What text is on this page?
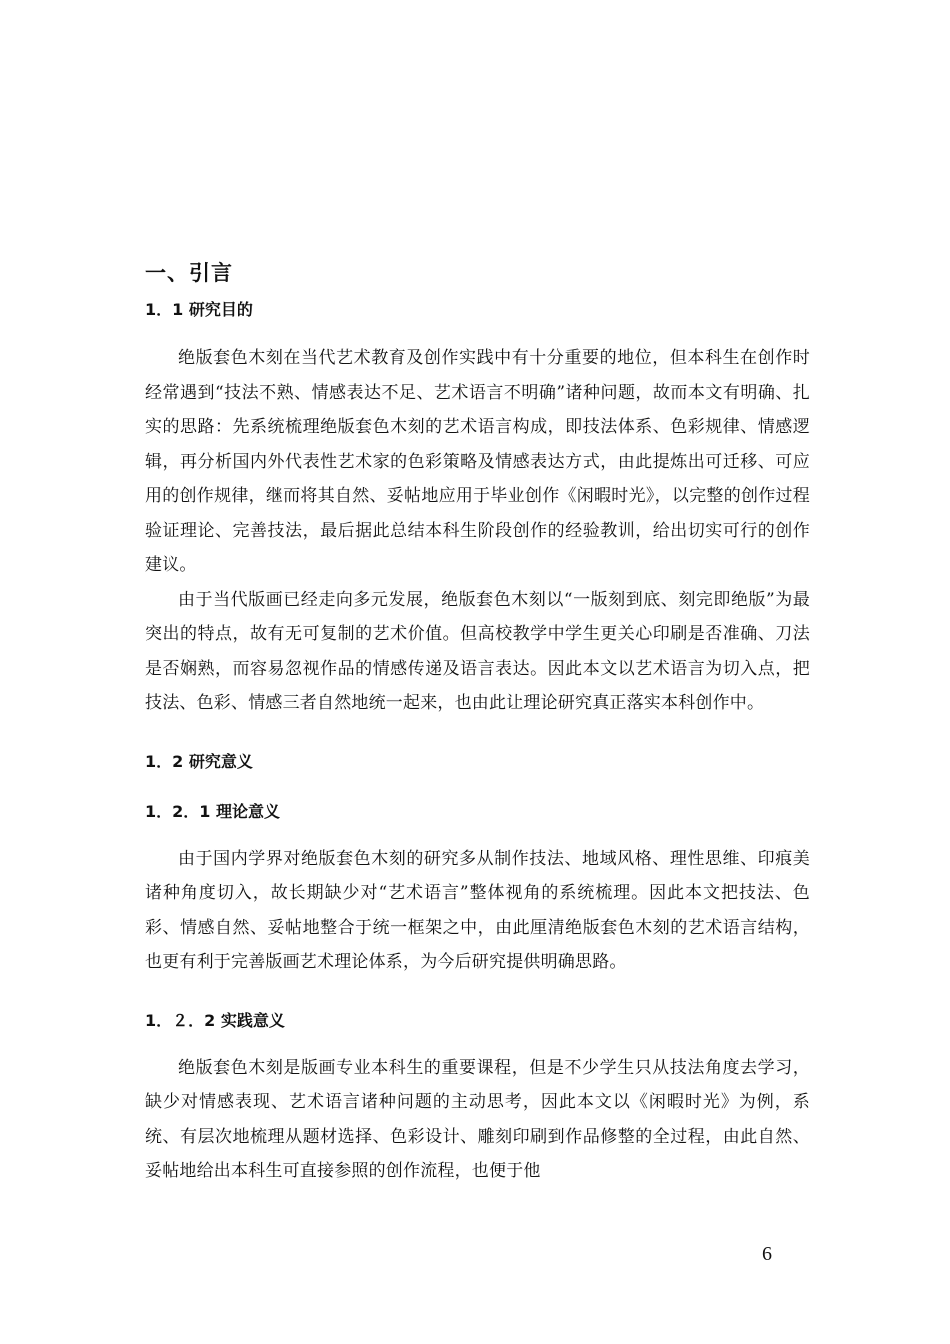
一、引言
1．1 研究目的

绝版套色木刻在当代艺术教育及创作实践中有十分重要的地位，但本科生在创作时经常遇到“技法不熟、情感表达不足、艺术语言不明确”诸种问题，故而本文有明确、扎实的思路：先系统梳理绝版套色木刻的艺术语言构成，即技法体系、色彩规律、情感逻辑，再分析国内外代表性艺术家的色彩策略及情感表达方式，由此提炼出可迁移、可应用的创作规律，继而将其自然、妥帖地应用于毕业创作《闲暇时光》，以完整的创作过程验证理论、完善技法，最后据此总结本科生阶段创作的经验教训，给出切实可行的创作建议。

由于当代版画已经走向多元发展，绝版套色木刻以“一版刻到底、刻完即绝版”为最突出的特点，故有无可复制的艺术价值。但高校教学中学生更关心印刷是否准确、刀法是否娴熟，而容易忽视作品的情感传递及语言表达。因此本文以艺术语言为切入点，把技法、色彩、情感三者自然地统一起来，也由此让理论研究真正落实本科创作中。

1．2 研究意义
1．2．1 理论意义

由于国内学界对绝版套色木刻的研究多从制作技法、地域风格、理性思维、印痕美诸种角度切入，故长期缺少对“艺术语言”整体视角的系统梳理。因此本文把技法、色彩、情感自然、妥帖地整合于统一框架之中，由此厘清绝版套色木刻的艺术语言结构，也更有利于完善版画艺术理论体系，为今后研究提供明确思路。

1．２．2 实践意义

绝版套色木刻是版画专业本科生的重要课程，但是不少学生只从技法角度去学习，缺少对情感表现、艺术语言诸种问题的主动思考，因此本文以《闲暇时光》为例，系统、有层次地梳理从题材选择、色彩设计、雕刻印刷到作品修整的全过程，由此自然、妥帖地给出本科生可直接参照的创作流程，也便于他

6
